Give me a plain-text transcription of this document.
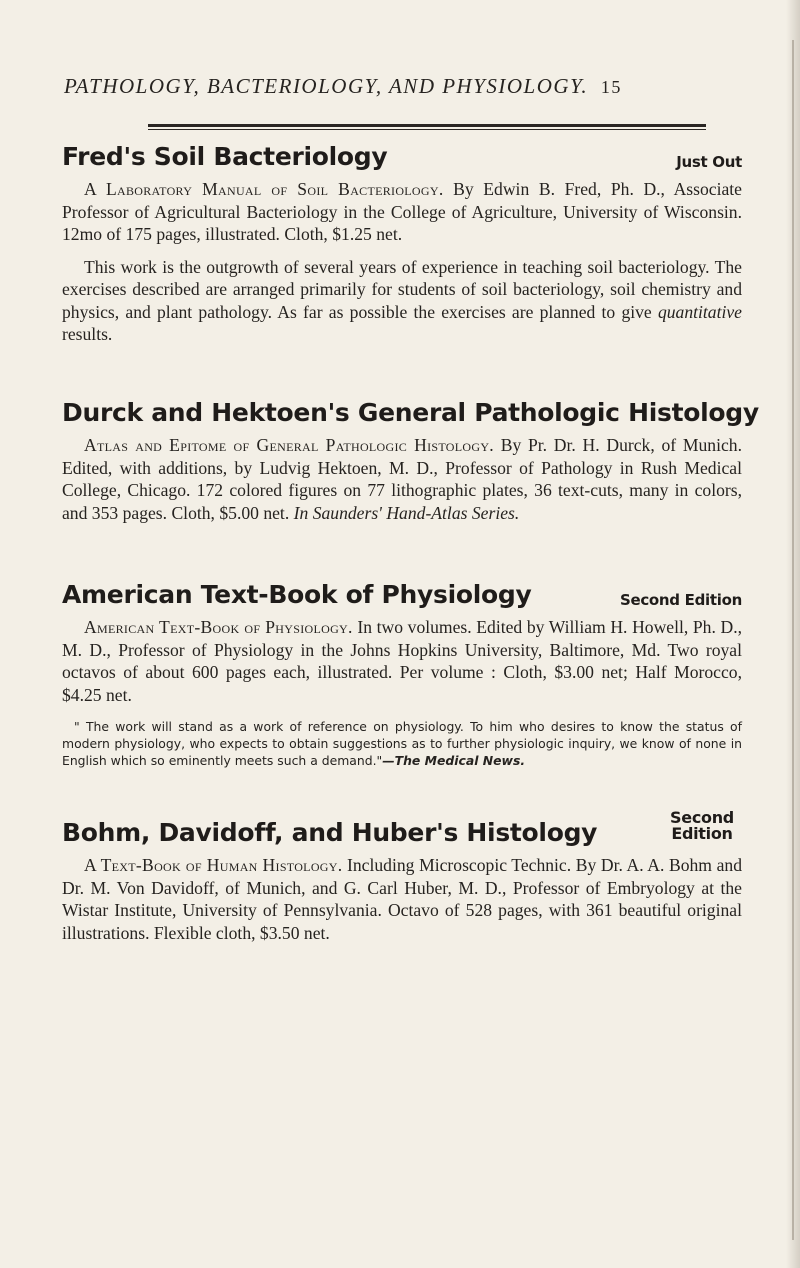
PATHOLOGY, BACTERIOLOGY, AND PHYSIOLOGY. 15
Fred's Soil Bacteriology	Just Out

A Laboratory Manual of Soil Bacteriology. By Edwin B. Fred, Ph. D., Associate Professor of Agricultural Bacteriology in the College of Agriculture, University of Wisconsin. 12mo of 175 pages, illustrated. Cloth, $1.25 net.

This work is the outgrowth of several years of experience in teaching soil bacteriology. The exercises described are arranged primarily for students of soil bacteriology, soil chemistry and physics, and plant pathology. As far as possible the exercises are planned to give quantitative results.

Durck and Hektoen's General Pathologic Histology

Atlas and Epitome of General Pathologic Histology. By Pr. Dr. H. Durck, of Munich. Edited, with additions, by Ludvig Hektoen, M. D., Professor of Pathology in Rush Medical College, Chicago. 172 colored figures on 77 lithographic plates, 36 text-cuts, many in colors, and 353 pages. Cloth, $5.00 net. In Saunders' Hand-Atlas Series.

American Text-Book of Physiology	Second Edition

American Text-Book of Physiology. In two volumes. Edited by William H. Howell, Ph. D., M. D., Professor of Physiology in the Johns Hopkins University, Baltimore, Md. Two royal octavos of about 600 pages each, illustrated. Per volume : Cloth, $3.00 net; Half Morocco, $4.25 net.

" The work will stand as a work of reference on physiology. To him who desires to know the status of modern physiology, who expects to obtain suggestions as to further physiologic inquiry, we know of none in English which so eminently meets such a demand."—The Medical News.
Bohm, Davidoff, and Huber's Histology
Second
Edition

A Text-Book of Human Histology. Including Microscopic Technic. By Dr. A. A. Bohm and Dr. M. Von Davidoff, of Munich, and G. Carl Huber, M. D., Professor of Embryology at the Wistar Institute, University of Pennsylvania. Octavo of 528 pages, with 361 beautiful original illustrations. Flexible cloth, $3.50 net.
